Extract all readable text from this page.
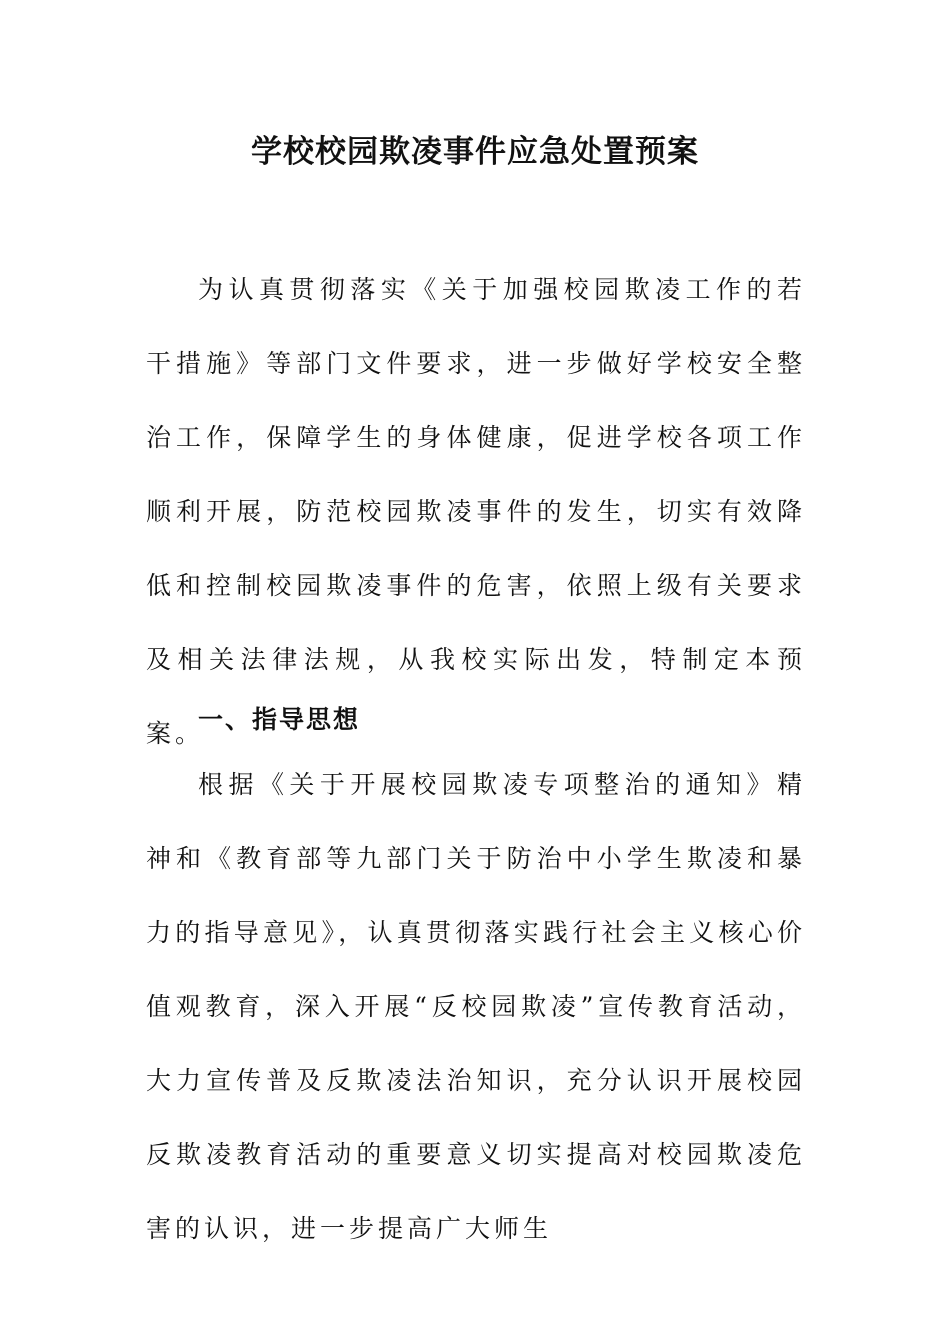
学校校园欺凌事件应急处置预案

为认真贯彻落实《关于加强校园欺凌工作的若干措施》等部门文件要求，进一步做好学校安全整治工作，保障学生的身体健康，促进学校各项工作顺利开展，防范校园欺凌事件的发生，切实有效降低和控制校园欺凌事件的危害，依照上级有关要求及相关法律法规，从我校实际出发，特制定本预案。

一、指导思想

根据《关于开展校园欺凌专项整治的通知》精神和《教育部等九部门关于防治中小学生欺凌和暴力的指导意见》，认真贯彻落实践行社会主义核心价值观教育，深入开展“反校园欺凌”宣传教育活动，大力宣传普及反欺凌法治知识，充分认识开展校园反欺凌教育活动的重要意义切实提高对校园欺凌危害的认识，进一步提高广大师生
